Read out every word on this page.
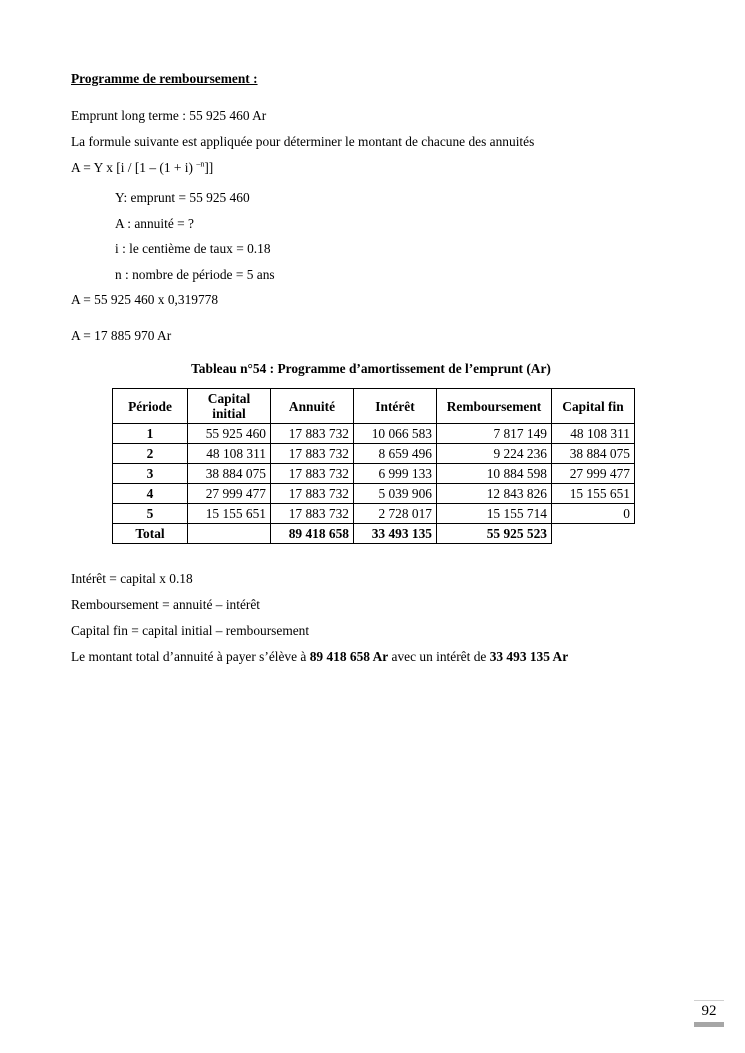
Programme de remboursement :
Emprunt long terme : 55 925 460 Ar
La formule suivante est appliquée pour déterminer le montant de chacune des annuités
A = Y x [i / [1 – (1 + i) $^{-n}$]]
Y: emprunt = 55 925 460
A : annuité = ?
i : le centième de taux = 0.18
n : nombre de période = 5 ans
A = 55 925 460 x 0,319778
A = 17 885 970 Ar
Tableau n°54 : Programme d’amortissement de l’emprunt (Ar)
Période	Capital initial	Annuité	Intérêt	Remboursement	Capital fin
1	55 925 460	17 883 732	10 066 583	7 817 149	48 108 311
2	48 108 311	17 883 732	8 659 496	9 224 236	38 884 075
3	38 884 075	17 883 732	6 999 133	10 884 598	27 999 477
4	27 999 477	17 883 732	5 039 906	12 843 826	15 155 651
5	15 155 651	17 883 732	2 728 017	15 155 714	0
Total		89 418 658	33 493 135	55 925 523	
Intérêt = capital x 0.18
Remboursement = annuité – intérêt
Capital fin = capital initial – remboursement
Le montant total d’annuité à payer s’élève à 89 418 658 Ar avec un intérêt de 33 493 135 Ar
92
